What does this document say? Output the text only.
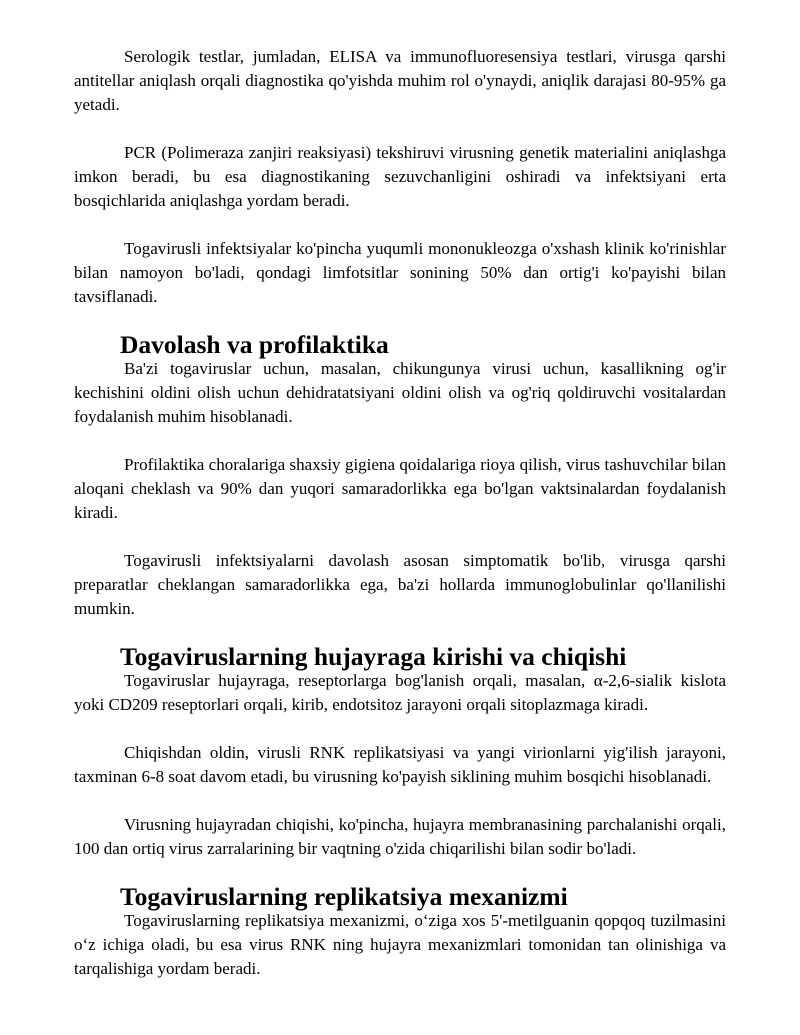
Serologik testlar, jumladan, ELISA va immunofluoresensiya testlari, virusga qarshi antitellar aniqlash orqali diagnostika qo'yishda muhim rol o'ynaydi, aniqlik darajasi 80-95% ga yetadi.

PCR (Polimeraza zanjiri reaksiyasi) tekshiruvi virusning genetik materialini aniqlashga imkon beradi, bu esa diagnostikaning sezuvchanligini oshiradi va infektsiyani erta bosqichlarida aniqlashga yordam beradi.

Togavirusli infektsiyalar ko'pincha yuqumli mononukleozga o'xshash klinik ko'rinishlar bilan namoyon bo'ladi, qondagi limfotsitlar sonining 50% dan ortig'i ko'payishi bilan tavsiflanadi.

Davolash va profilaktika

Ba'zi togaviruslar uchun, masalan, chikungunya virusi uchun, kasallikning og'ir kechishini oldini olish uchun dehidratatsiyani oldini olish va og'riq qoldiruvchi vositalardan foydalanish muhim hisoblanadi.

Profilaktika choralariga shaxsiy gigiena qoidalariga rioya qilish, virus tashuvchilar bilan aloqani cheklash va 90% dan yuqori samaradorlikka ega bo'lgan vaktsinalardan foydalanish kiradi.

Togavirusli infektsiyalarni davolash asosan simptomatik bo'lib, virusga qarshi preparatlar cheklangan samaradorlikka ega, ba'zi hollarda immunoglobulinlar qo'llanilishi mumkin.

Togaviruslarning hujayraga kirishi va chiqishi

Togaviruslar hujayraga, reseptorlarga bog'lanish orqali, masalan, α-2,6-sialik kislota yoki CD209 reseptorlari orqali, kirib, endotsitoz jarayoni orqali sitoplazmaga kiradi.

Chiqishdan oldin, virusli RNK replikatsiyasi va yangi virionlarni yig'ilish jarayoni, taxminan 6-8 soat davom etadi, bu virusning ko'payish siklining muhim bosqichi hisoblanadi.

Virusning hujayradan chiqishi, ko'pincha, hujayra membranasining parchalanishi orqali, 100 dan ortiq virus zarralarining bir vaqtning o'zida chiqarilishi bilan sodir bo'ladi.

Togaviruslarning replikatsiya mexanizmi

Togaviruslarning replikatsiya mexanizmi, o‘ziga xos 5'-metilguanin qopqoq tuzilmasini o‘z ichiga oladi, bu esa virus RNK ning hujayra mexanizmlari tomonidan tan olinishiga va tarqalishiga yordam beradi.
